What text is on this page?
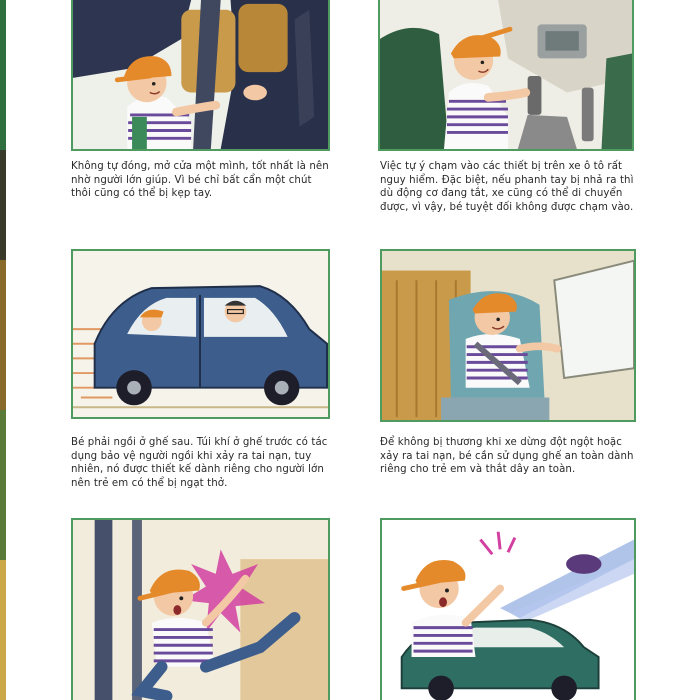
Không tự đóng, mở cửa một mình, tốt nhất là nên nhờ người lớn giúp. Vì bé chỉ bất cẩn một chút thôi cũng có thể bị kẹp tay.
Việc tự ý chạm vào các thiết bị trên xe ô tô rất nguy hiểm. Đặc biệt, nếu phanh tay bị nhả ra thì dù động cơ đang tắt, xe cũng có thể di chuyển được, vì vậy, bé tuyệt đối không được chạm vào.
Bé phải ngồi ở ghế sau. Túi khí ở ghế trước có tác dụng bảo vệ người ngồi khi xảy ra tai nạn, tuy nhiên, nó được thiết kế dành riêng cho người lớn nên trẻ em có thể bị ngạt thở.
Để không bị thương khi xe dừng đột ngột hoặc xảy ra tai nạn, bé cần sử dụng ghế an toàn dành riêng cho trẻ em và thắt dây an toàn.
